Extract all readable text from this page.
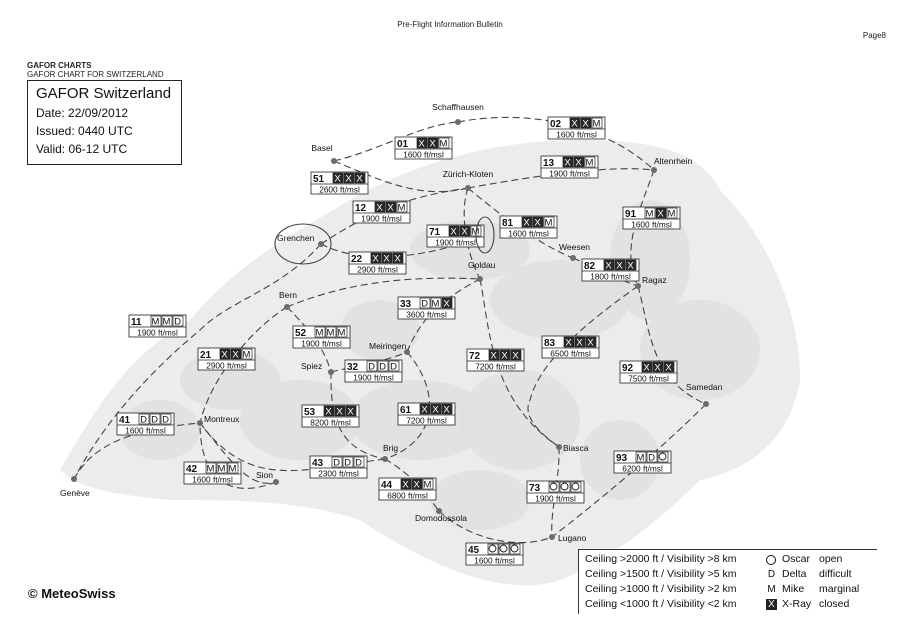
Pre-Flight Information Bulletin
Page8
GAFOR CHARTS
GAFOR CHART FOR SWITZERLAND
Schaffhausen
Basel
Zürich-Kloten
Altenrhein
Grenchen
Weesen
Goldau
Ragaz
Bern
Meiringen
Spiez
Samedan
Montreux
Brig	Biasca
Sion
Genève
Domodossola
Lugano
01 X X M
1600 ft/msl
02 X X M
1600 ft/msl
51 X X X
2600 ft/msl
13 X X M
1900 ft/msl
12 X X M
1900 ft/msl	91 M X M
1600 ft/msl
71 X X M
1900 ft/msl
81 X X M
1600 ft/msl
22 X X X
2900 ft/msl	82 X X X
1800 ft/msl
33 D M X
3600 ft/msl
11 M M D
1900 ft/msl	52 M M M
1900 ft/msl	83 X X X
6500 ft/msl
21 X X M
2900 ft/msl
72 X X X
7200 ft/msl
32 D D D
1900 ft/msl
92 X X X
7500 ft/msl
41 D D D
1600 ft/msl
53 X X X
8200 ft/msl
61 X X X
7200 ft/msl
42 M M M
1600 ft/msl
43 D D D
2300 ft/msl
93 M D
6200 ft/msl
44 X X M
6800 ft/msl
73
1900 ft/msl
45
1600 ft/msl
GAFOR Switzerland
Date: 22/09/2012
Issued: 0440 UTC
Valid: 06-12 UTC
© MeteoSwiss
Ceiling >2000 ft / Visibility >8 km	Oscar open
Ceiling >1500 ft / Visibility >5 km	D Delta difficult
Ceiling >1000 ft / Visibility >2 km	M Mike marginal
Ceiling <1000 ft / Visibility <2 km	X X-Ray closed
